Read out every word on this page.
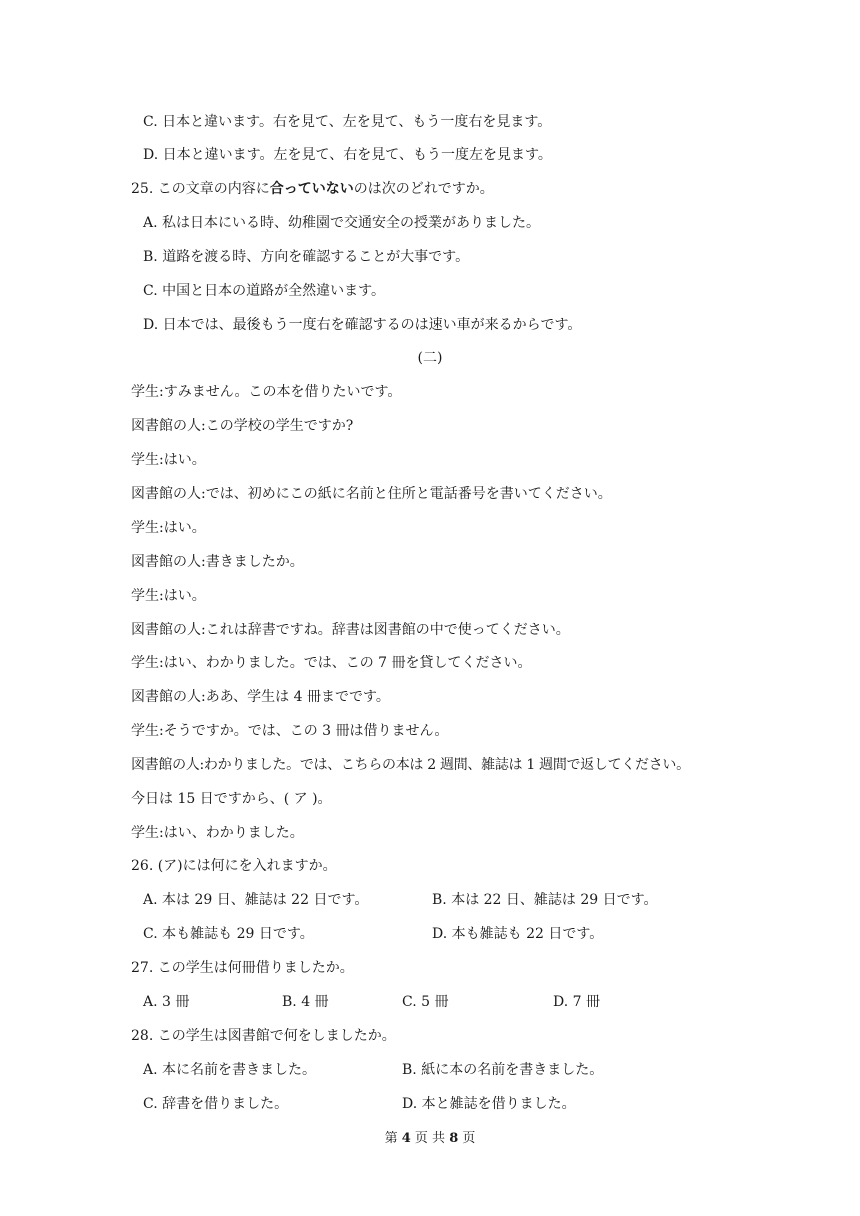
C. 日本と違います。右を見て、左を見て、もう一度右を見ます。
D. 日本と違います。左を見て、右を見て、もう一度左を見ます。
25. この文章の内容に合っていないのは次のどれですか。
A. 私は日本にいる時、幼稚園で交通安全の授業がありました。
B. 道路を渡る時、方向を確認することが大事です。
C. 中国と日本の道路が全然違います。
D. 日本では、最後もう一度右を確認するのは速い車が来るからです。
(二)
学生:すみません。この本を借りたいです。
図書館の人:この学校の学生ですか?
学生:はい。
図書館の人:では、初めにこの紙に名前と住所と電話番号を書いてください。
学生:はい。
図書館の人:書きましたか。
学生:はい。
図書館の人:これは辞書ですね。辞書は図書館の中で使ってください。
学生:はい、わかりました。では、この 7 冊を貸してください。
図書館の人:ああ、学生は 4 冊までです。
学生:そうですか。では、この 3 冊は借りません。
図書館の人:わかりました。では、こちらの本は 2 週間、雑誌は 1 週間で返してください。
今日は 15 日ですから、( ア )。
学生:はい、わかりました。
26. (ア)には何にを入れますか。
A. 本は 29 日、雑誌は 22 日です。	B. 本は 22 日、雑誌は 29 日です。
C. 本も雑誌も 29 日です。	D. 本も雑誌も 22 日です。
27. この学生は何冊借りましたか。
A. 3 冊	B. 4 冊	C. 5 冊	D. 7 冊
28. この学生は図書館で何をしましたか。
A. 本に名前を書きました。	B. 紙に本の名前を書きました。
C. 辞書を借りました。	D. 本と雑誌を借りました。
第 4 页 共 8 页
